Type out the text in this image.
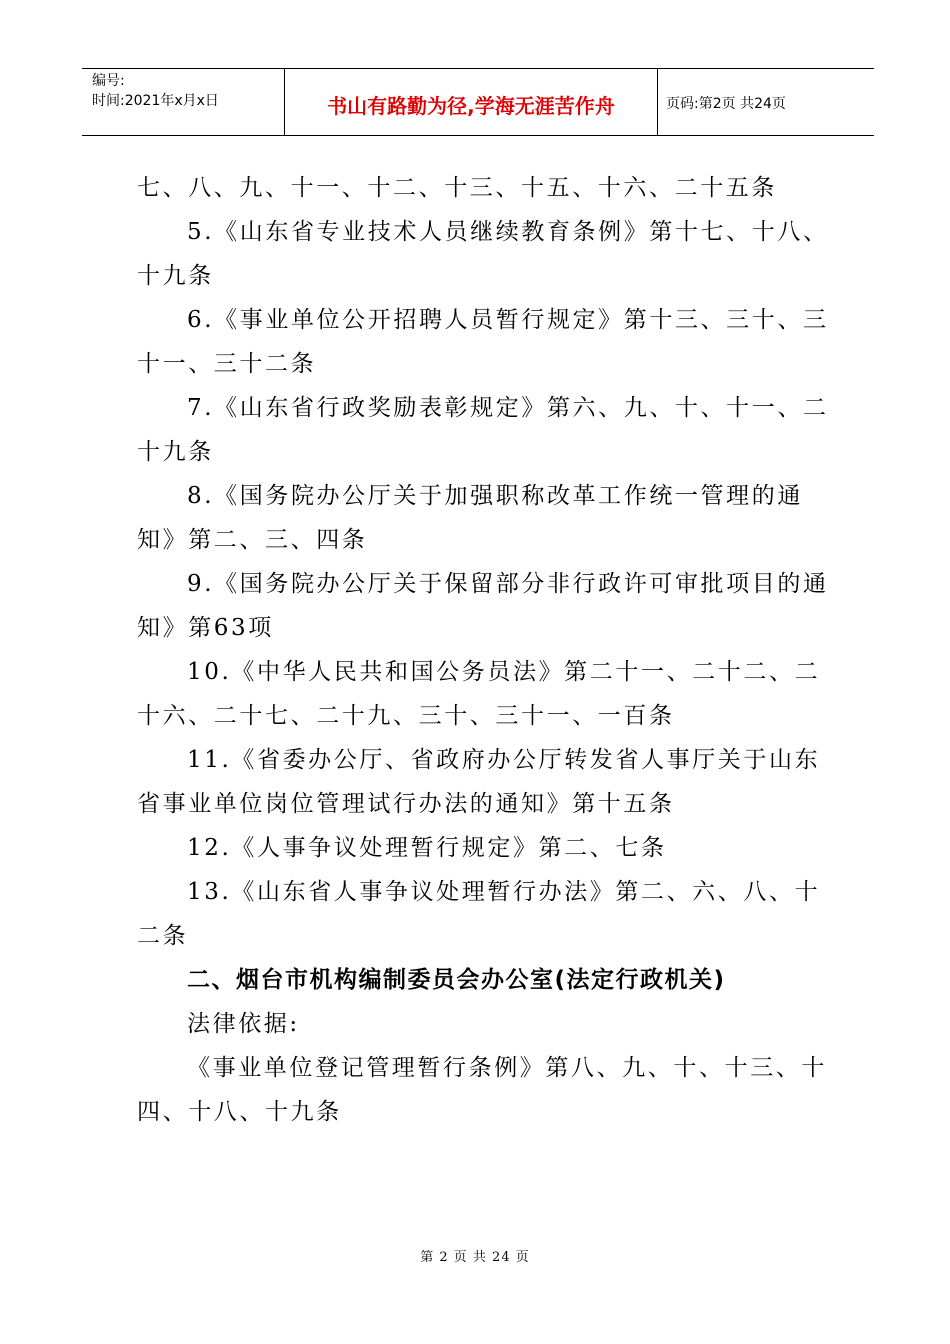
编号:
时间:2021年x月x日	书山有路勤为径,学海无涯苦作舟	页码:第2页 共24页
七、八、九、十一、十二、十三、十五、十六、二十五条
5.《山东省专业技术人员继续教育条例》第十七、十八、
十九条
6.《事业单位公开招聘人员暂行规定》第十三、三十、三
十一、三十二条
7.《山东省行政奖励表彰规定》第六、九、十、十一、二
十九条
8.《国务院办公厅关于加强职称改革工作统一管理的通
知》第二、三、四条
9.《国务院办公厅关于保留部分非行政许可审批项目的通
知》第63项
10.《中华人民共和国公务员法》第二十一、二十二、二
十六、二十七、二十九、三十、三十一、一百条
11.《省委办公厅、省政府办公厅转发省人事厅关于山东
省事业单位岗位管理试行办法的通知》第十五条
12.《人事争议处理暂行规定》第二、七条
13.《山东省人事争议处理暂行办法》第二、六、八、十
二条
二、烟台市机构编制委员会办公室(法定行政机关)
法律依据:
《事业单位登记管理暂行条例》第八、九、十、十三、十
四、十八、十九条
第 2 页 共 24 页
